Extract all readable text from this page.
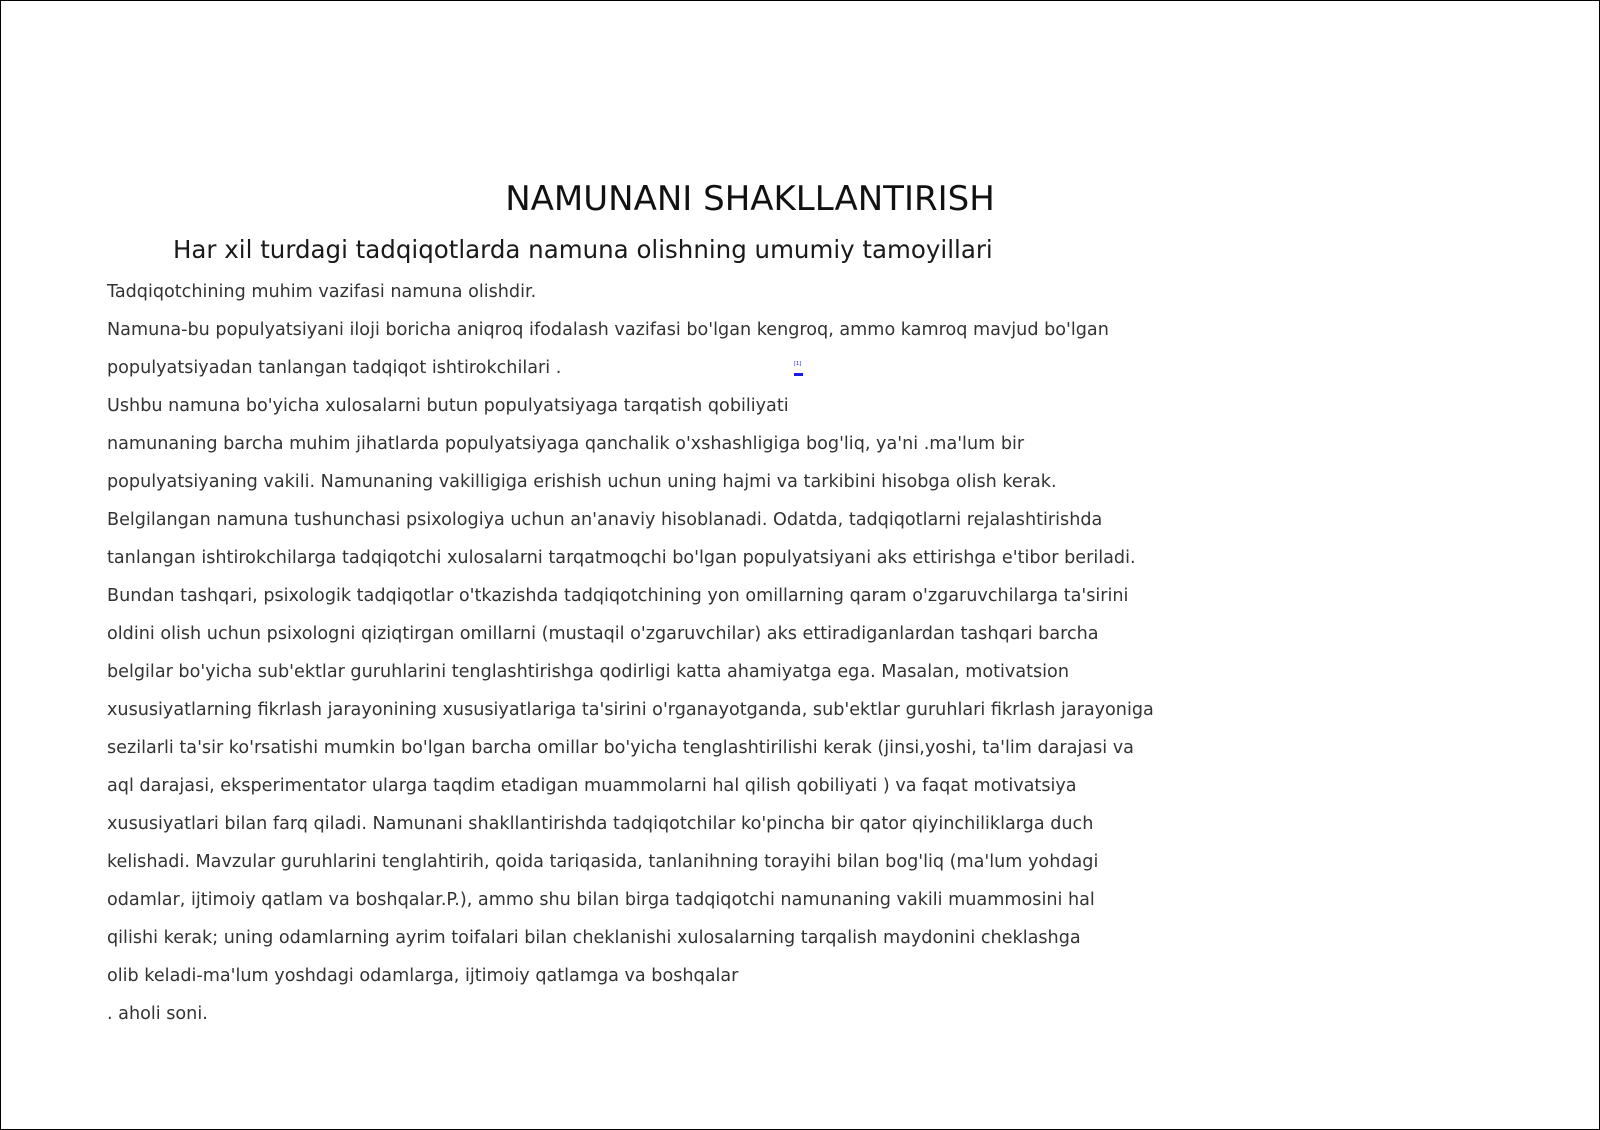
NAMUNANI SHAKLLANTIRISH
Har xil turdagi tadqiqotlarda namuna olishning umumiy tamoyillari
Tadqiqotchining muhim vazifasi namuna olishdir.
Namuna-bu populyatsiyani iloji boricha aniqroq ifodalash vazifasi bo'lgan kengroq, ammo kamroq mavjud bo'lgan
populyatsiyadan tanlangan tadqiqot ishtirokchilari .
Ushbu namuna bo'yicha xulosalarni butun populyatsiyaga tarqatish qobiliyati
namunaning barcha muhim jihatlarda populyatsiyaga qanchalik o'xshashligiga bog'liq, ya'ni .ma'lum bir
populyatsiyaning vakili. Namunaning vakilligiga erishish uchun uning hajmi va tarkibini hisobga olish kerak.
Belgilangan namuna tushunchasi psixologiya uchun an'anaviy hisoblanadi. Odatda, tadqiqotlarni rejalashtirishda
tanlangan ishtirokchilarga tadqiqotchi xulosalarni tarqatmoqchi bo'lgan populyatsiyani aks ettirishga e'tibor beriladi.
Bundan tashqari, psixologik tadqiqotlar o'tkazishda tadqiqotchining yon omillarning qaram o'zgaruvchilarga ta'sirini
oldini olish uchun psixologni qiziqtirgan omillarni (mustaqil o'zgaruvchilar) aks ettiradiganlardan tashqari barcha
belgilar bo'yicha sub'ektlar guruhlarini tenglashtirishga qodirligi katta ahamiyatga ega. Masalan, motivatsion
xususiyatlarning fikrlash jarayonining xususiyatlariga ta'sirini o'rganayotganda, sub'ektlar guruhlari fikrlash jarayoniga
sezilarli ta'sir ko'rsatishi mumkin bo'lgan barcha omillar bo'yicha tenglashtirilishi kerak (jinsi,yoshi, ta'lim darajasi va
aql darajasi, eksperimentator ularga taqdim etadigan muammolarni hal qilish qobiliyati ) va faqat motivatsiya
xususiyatlari bilan farq qiladi. Namunani shakllantirishda tadqiqotchilar ko'pincha bir qator qiyinchiliklarga duch
kelishadi. Mavzular guruhlarini tenglahtirih, qoida tariqasida, tanlanihning torayihi bilan bog'liq (ma'lum yohdagi
odamlar, ijtimoiy qatlam va boshqalar.P.), ammo shu bilan birga tadqiqotchi namunaning vakili muammosini hal
qilishi kerak; uning odamlarning ayrim toifalari bilan cheklanishi xulosalarning tarqalish maydonini cheklashga
olib keladi-ma'lum yoshdagi odamlarga, ijtimoiy qatlamga va boshqalar
. aholi soni.
[1]
